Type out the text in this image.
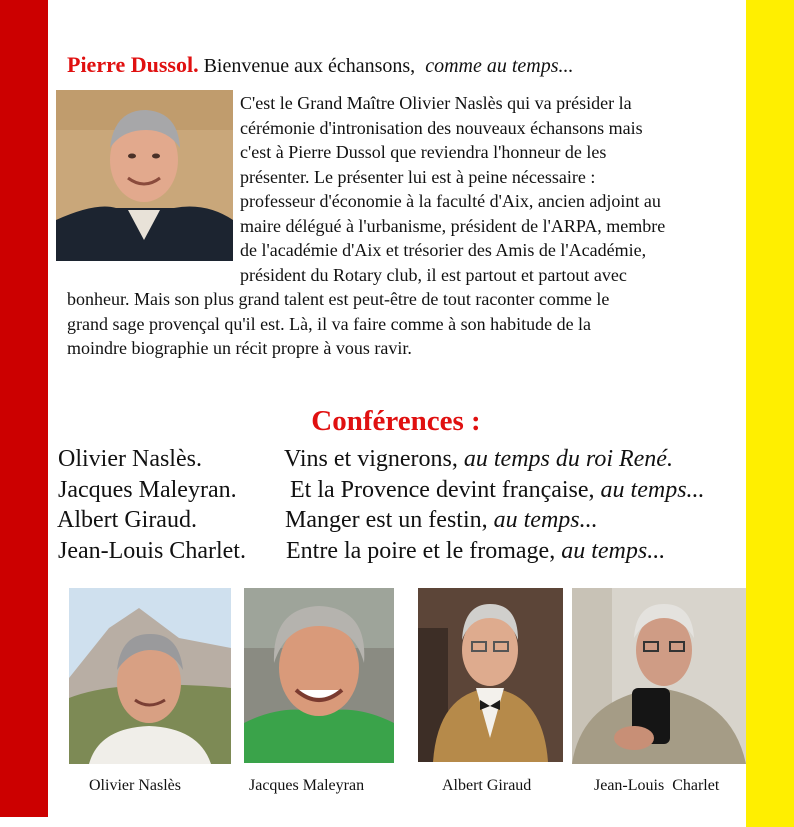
Pierre Dussol. Bienvenue aux échansons, comme au temps...
C'est le Grand Maître Olivier Naslès qui va présider la
cérémonie d'intronisation des nouveaux échansons mais
c'est à Pierre Dussol que reviendra l'honneur de les
présenter. Le présenter lui est à peine nécessaire :
professeur d'économie à la faculté d'Aix, ancien adjoint au
maire délégué à l'urbanisme, président de l'ARPA, membre
de l'académie d'Aix et trésorier des Amis de l'Académie,
président du Rotary club, il est partout et partout avec
bonheur. Mais son plus grand talent est peut-être de tout raconter comme le
grand sage provençal qu'il est. Là, il va faire comme à son habitude de la
moindre biographie un récit propre à vous ravir.
Conférences :
Olivier Naslès.	Vins et vignerons, au temps du roi René.
Jacques Maleyran. Et la Provence devint française, au temps...
Albert Giraud.	Manger est un festin, au temps...
Jean-Louis Charlet. Entre la poire et le fromage, au temps...
Olivier Naslès	Jacques Maleyran	Albert Giraud	Jean-Louis  Charlet
